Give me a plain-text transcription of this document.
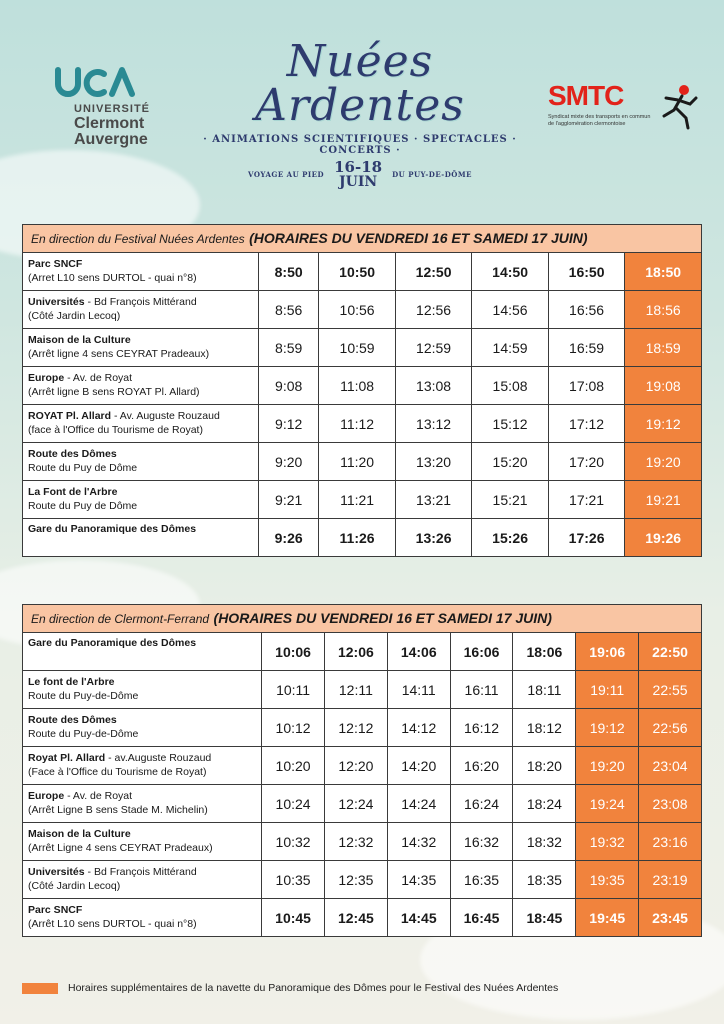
UNIVERSITÉ
Clermont
Auvergne
Nuées Ardentes
· ANIMATIONS SCIENTIFIQUES · SPECTACLES · CONCERTS ·
VOYAGE AU PIED 16-18
JUIN	DU PUY-DE-DÔME
SMTC
Syndicat mixte des transports en commun de l'agglomération clermontoise
En direction du Festival Nuées Ardentes (HORAIRES DU VENDREDI 16 ET SAMEDI 17 JUIN)						
Parc SNCF
(Arret L10 sens DURTOL - quai n°8)	8:50	10:50	12:50	14:50	16:50	18:50
Universités - Bd François Mittérand
(Côté Jardin Lecoq)	8:56	10:56	12:56	14:56	16:56	18:56
Maison de la Culture
(Arrêt ligne 4 sens CEYRAT Pradeaux)	8:59	10:59	12:59	14:59	16:59	18:59
Europe - Av. de Royat
(Arrêt ligne B sens ROYAT Pl. Allard)	9:08	11:08	13:08	15:08	17:08	19:08
ROYAT Pl. Allard - Av. Auguste Rouzaud
(face à l'Office du Tourisme de Royat)	9:12	11:12	13:12	15:12	17:12	19:12
Route des Dômes
Route du Puy de Dôme	9:20	11:20	13:20	15:20	17:20	19:20
La Font de l'Arbre
Route du Puy de Dôme	9:21	11:21	13:21	15:21	17:21	19:21
Gare du Panoramique des Dômes	9:26	11:26	13:26	15:26	17:26	19:26
En direction de Clermont-Ferrand (HORAIRES DU VENDREDI 16 ET SAMEDI 17 JUIN)							
Gare du Panoramique des Dômes	10:06	12:06	14:06	16:06	18:06	19:06	22:50
Le font de l'Arbre
Route du Puy-de-Dôme	10:11	12:11	14:11	16:11	18:11	19:11	22:55
Route des Dômes
Route du Puy-de-Dôme	10:12	12:12	14:12	16:12	18:12	19:12	22:56
Royat Pl. Allard - av.Auguste Rouzaud
(Face à l'Office du Tourisme de Royat)	10:20	12:20	14:20	16:20	18:20	19:20	23:04
Europe - Av. de Royat
(Arrêt Ligne B sens Stade M. Michelin)	10:24	12:24	14:24	16:24	18:24	19:24	23:08
Maison de la Culture
(Arrêt Ligne 4 sens CEYRAT Pradeaux)	10:32	12:32	14:32	16:32	18:32	19:32	23:16
Universités - Bd François Mittérand
(Côté Jardin Lecoq)	10:35	12:35	14:35	16:35	18:35	19:35	23:19
Parc SNCF
(Arrêt L10 sens DURTOL - quai n°8)	10:45	12:45	14:45	16:45	18:45	19:45	23:45
Horaires supplémentaires de la navette du Panoramique des Dômes pour le Festival des Nuées Ardentes
